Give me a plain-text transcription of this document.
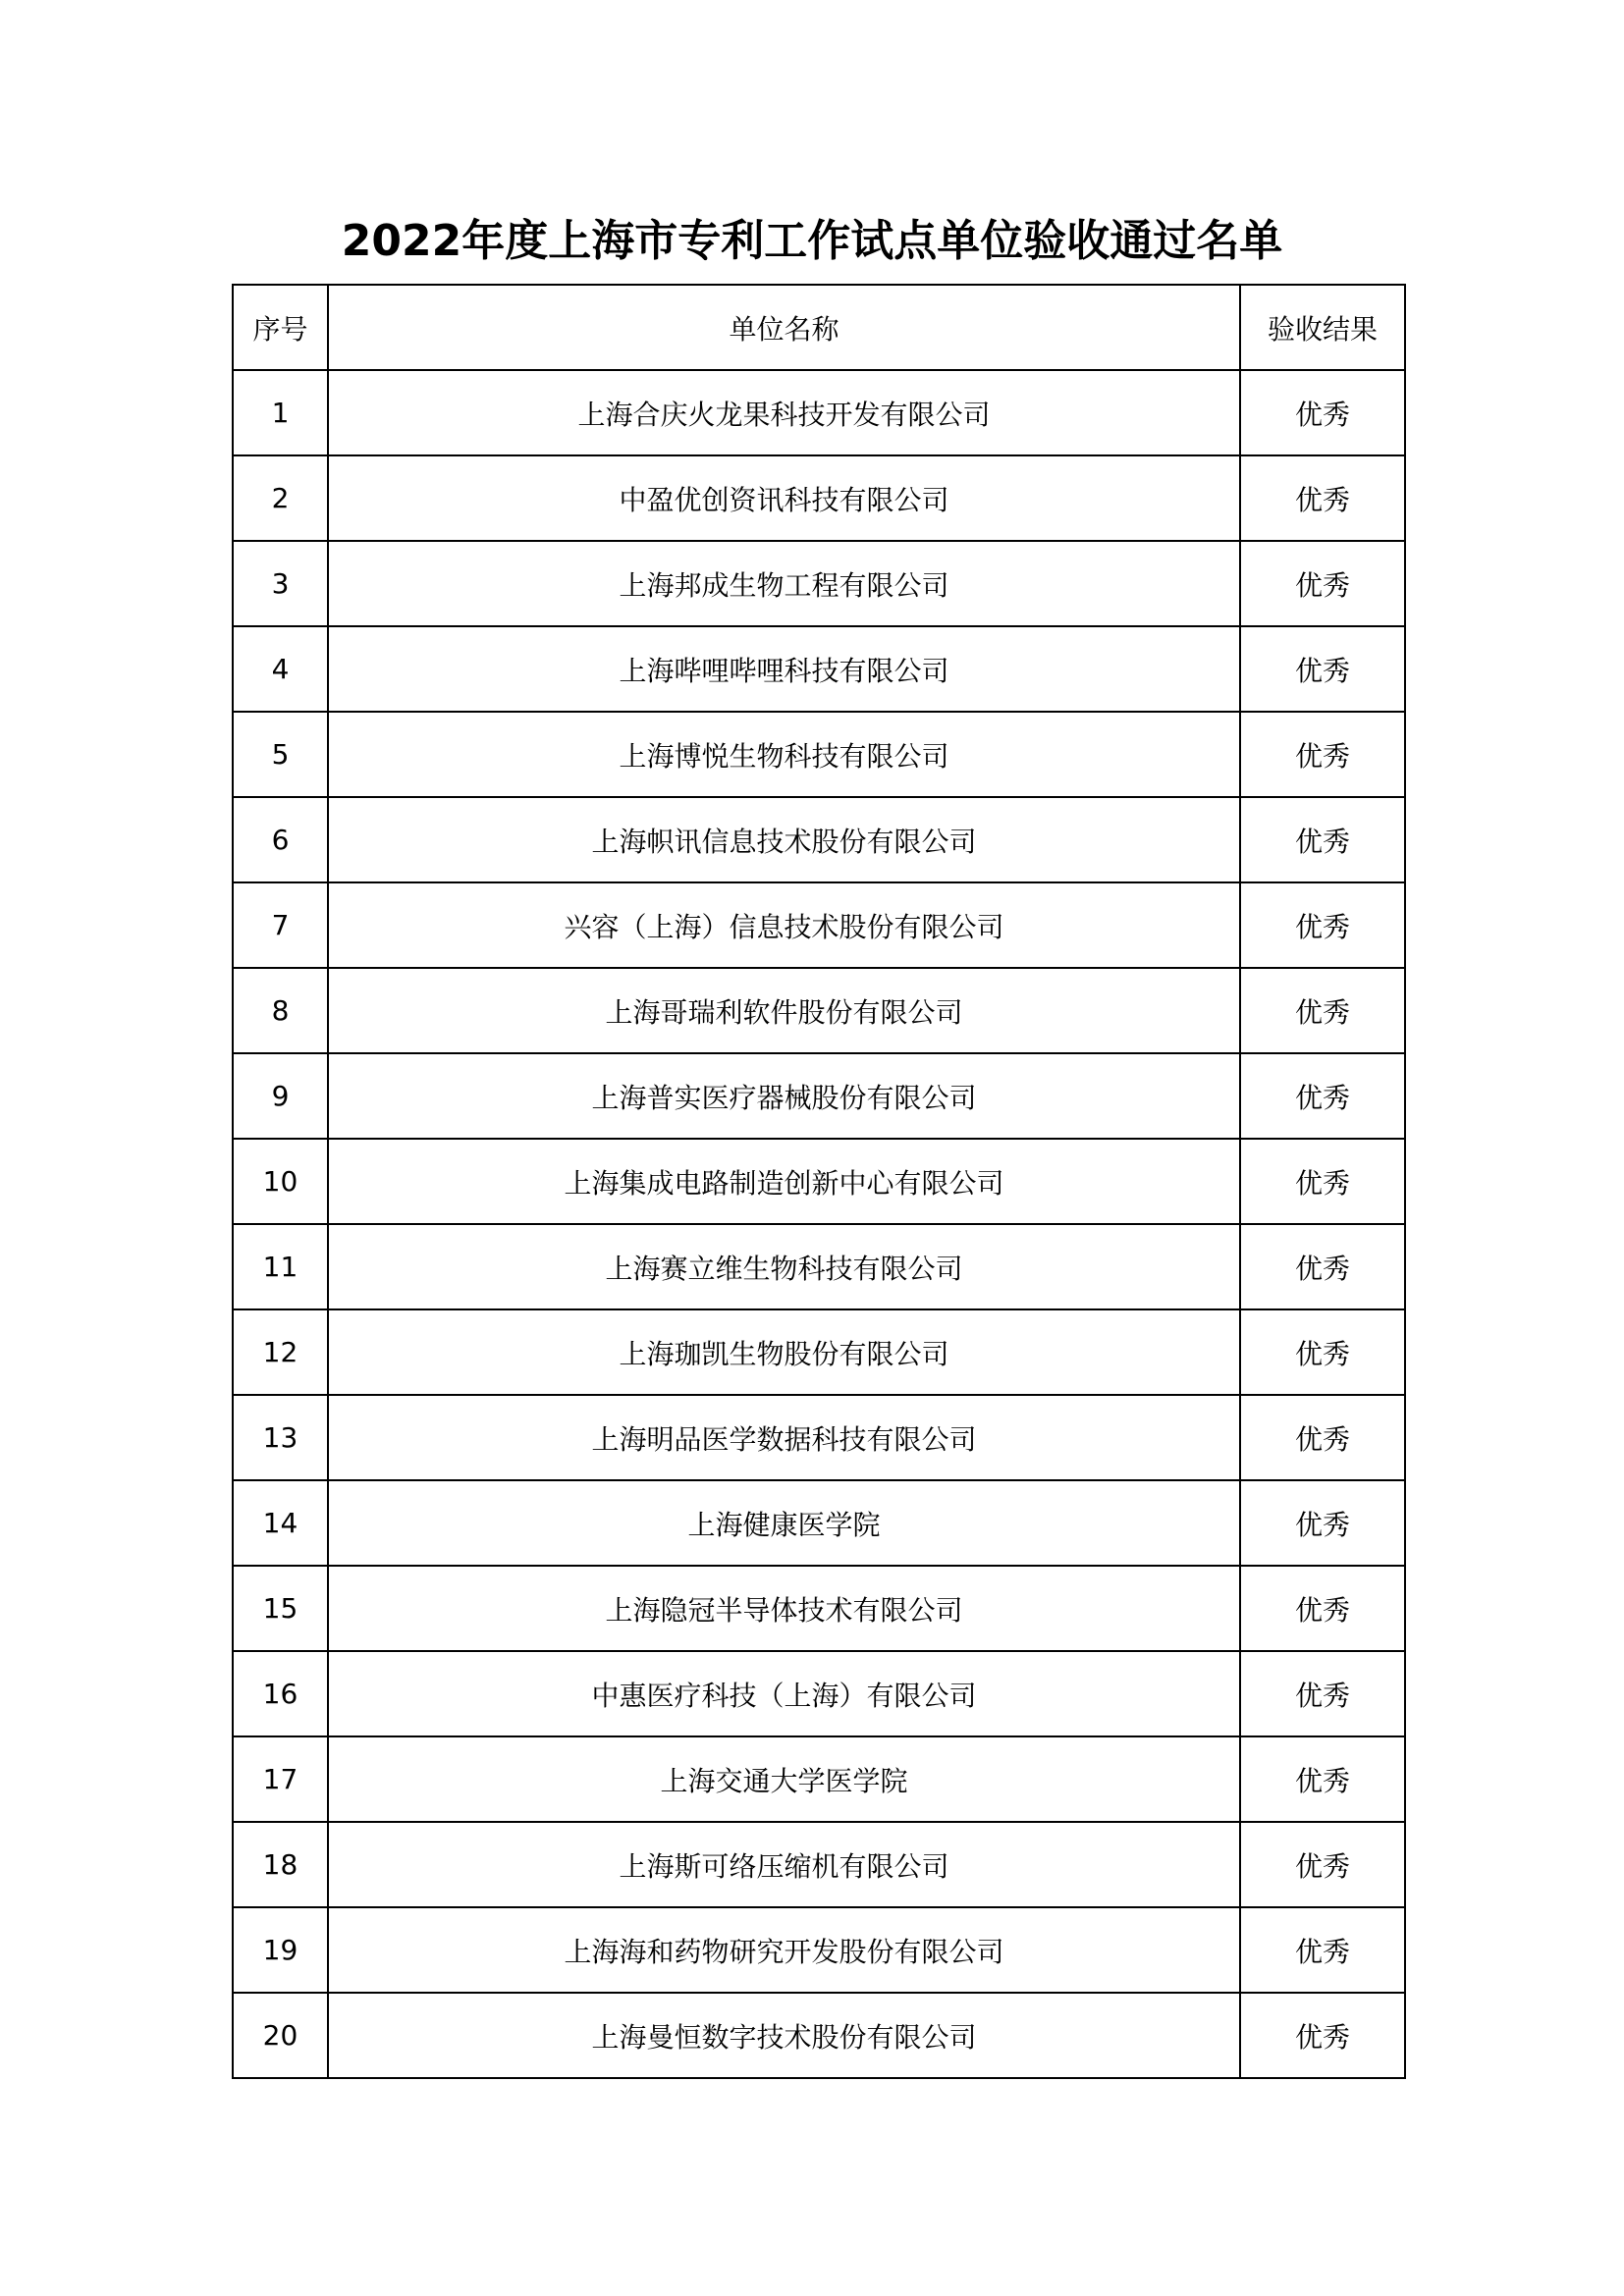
2022年度上海市专利工作试点单位验收通过名单
序号	单位名称	验收结果
1	上海合庆火龙果科技开发有限公司	优秀
2	中盈优创资讯科技有限公司	优秀
3	上海邦成生物工程有限公司	优秀
4	上海哔哩哔哩科技有限公司	优秀
5	上海博悦生物科技有限公司	优秀
6	上海帜讯信息技术股份有限公司	优秀
7	兴容（上海）信息技术股份有限公司	优秀
8	上海哥瑞利软件股份有限公司	优秀
9	上海普实医疗器械股份有限公司	优秀
10	上海集成电路制造创新中心有限公司	优秀
11	上海赛立维生物科技有限公司	优秀
12	上海珈凯生物股份有限公司	优秀
13	上海明品医学数据科技有限公司	优秀
14	上海健康医学院	优秀
15	上海隐冠半导体技术有限公司	优秀
16	中惠医疗科技（上海）有限公司	优秀
17	上海交通大学医学院	优秀
18	上海斯可络压缩机有限公司	优秀
19	上海海和药物研究开发股份有限公司	优秀
20	上海曼恒数字技术股份有限公司	优秀
